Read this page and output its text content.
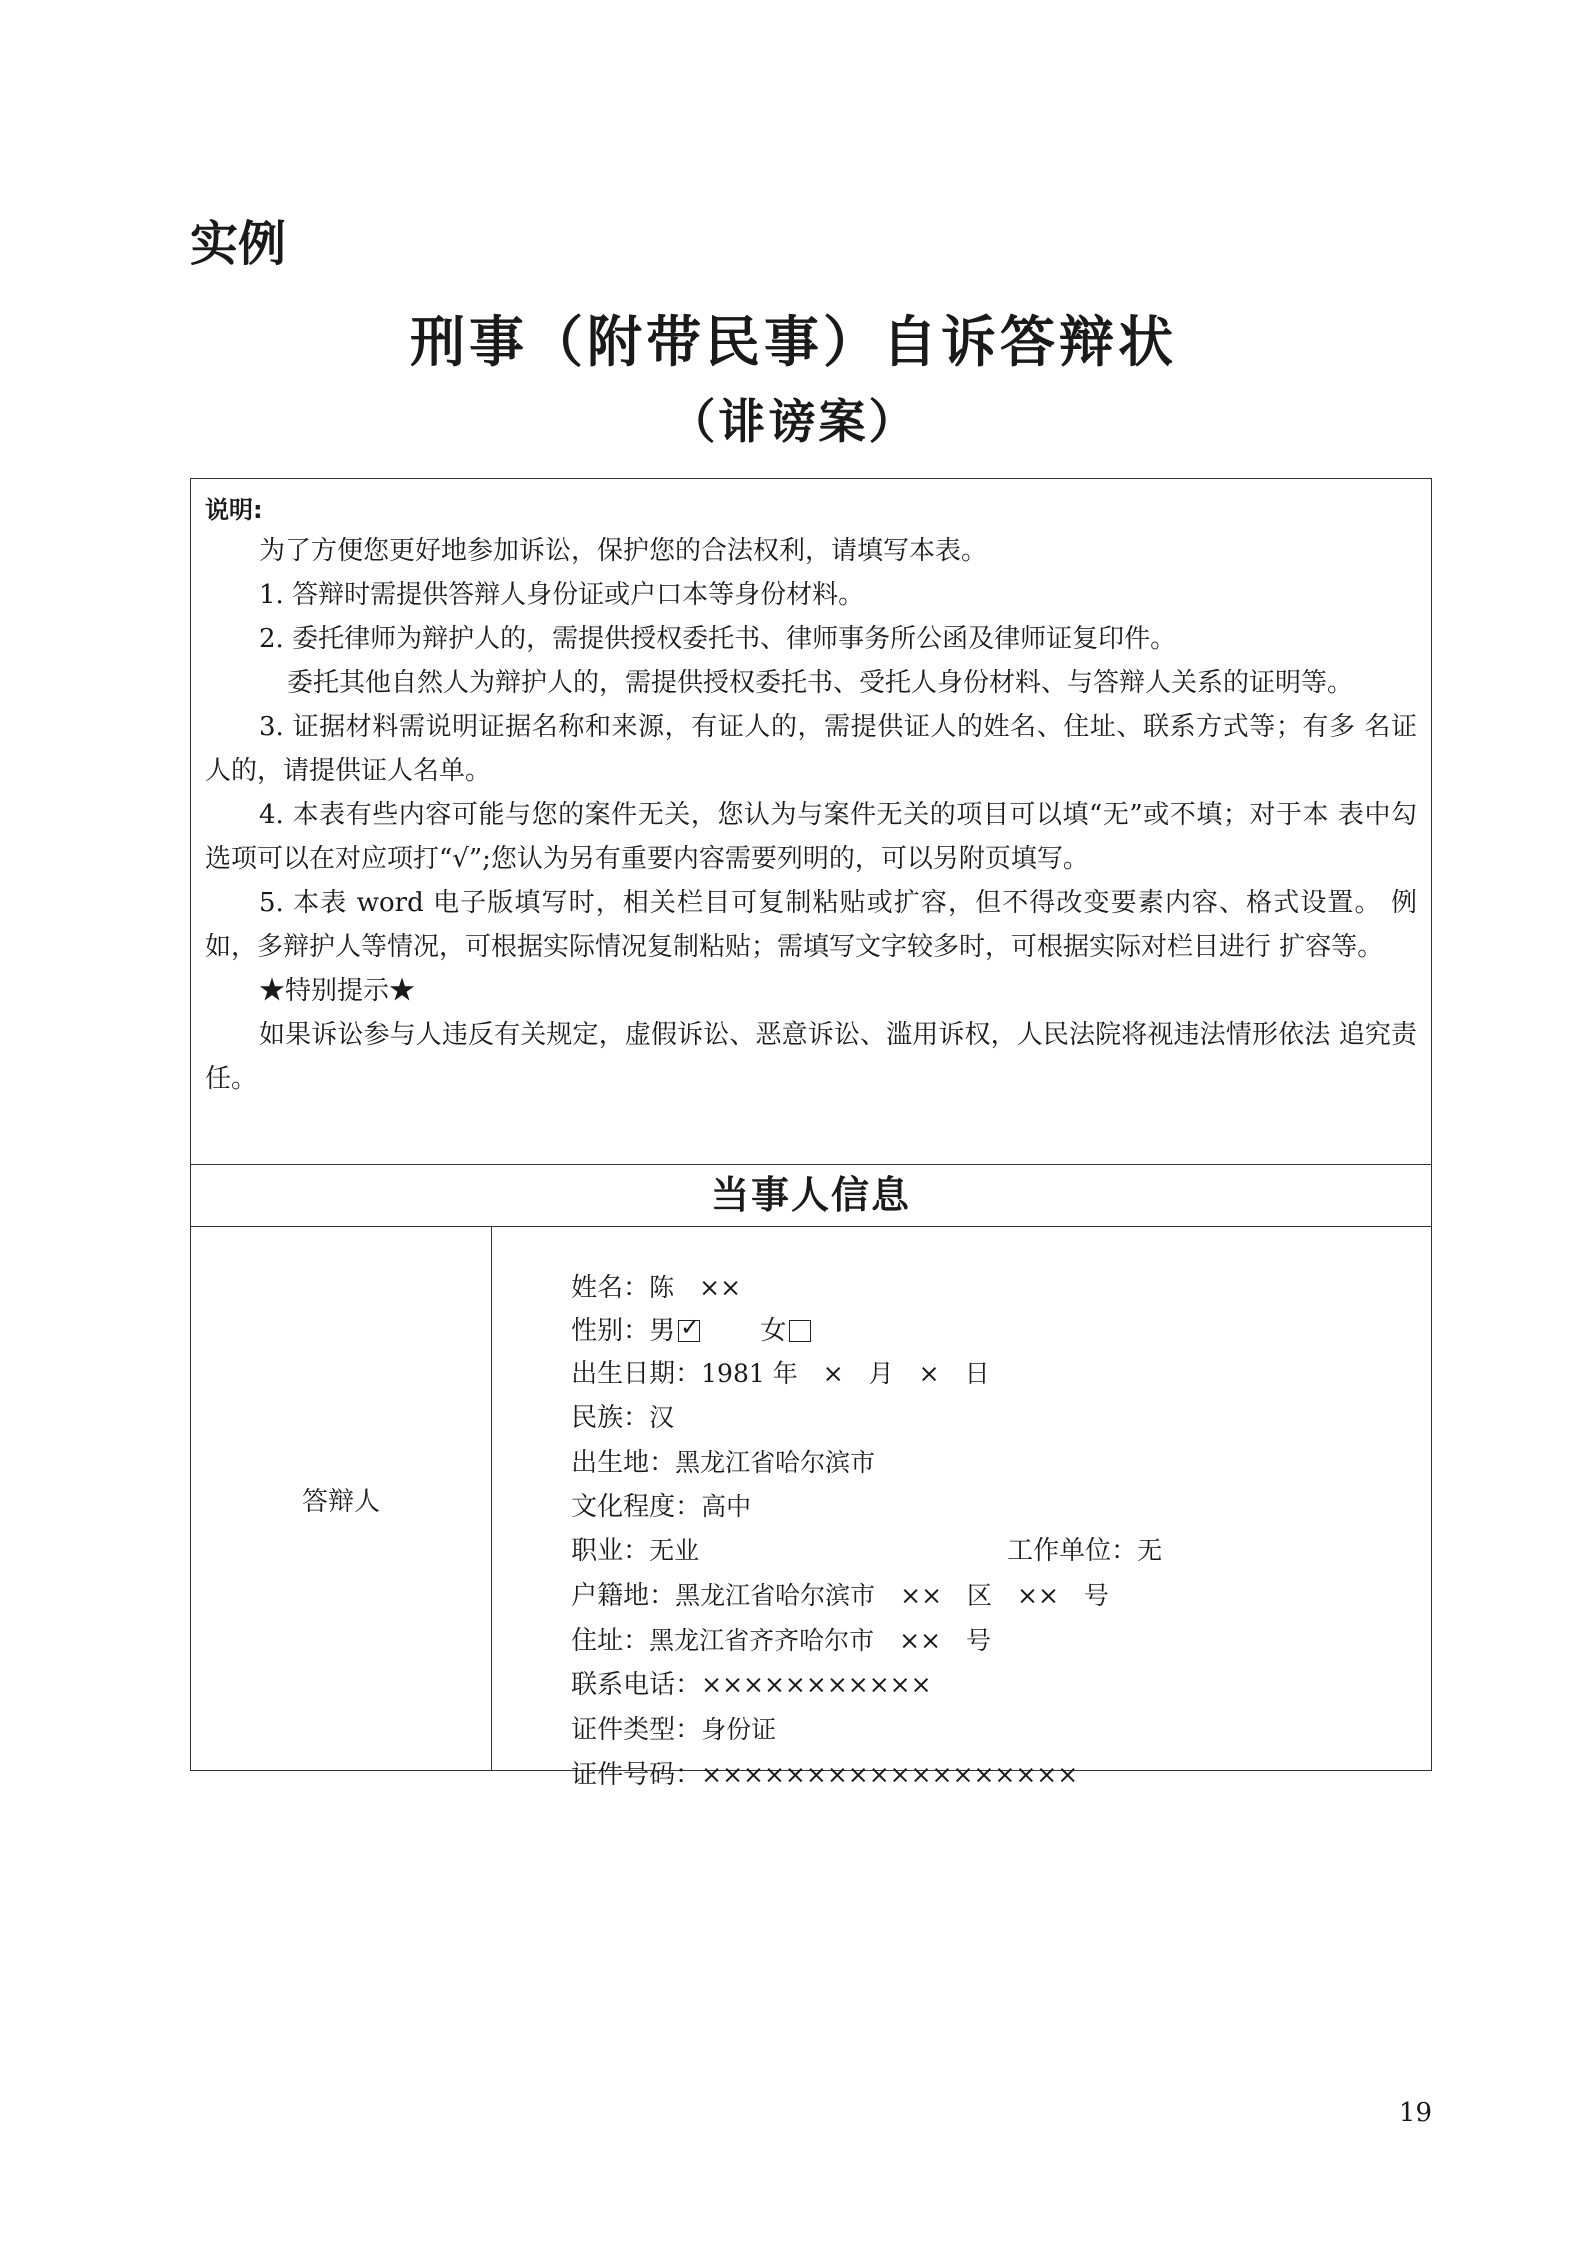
实例
刑事（附带民事）自诉答辩状
（诽谤案）
说明:

为了方便您更好地参加诉讼，保护您的合法权利，请填写本表。

1. 答辩时需提供答辩人身份证或户口本等身份材料。

2. 委托律师为辩护人的，需提供授权委托书、律师事务所公函及律师证复印件。

委托其他自然人为辩护人的，需提供授权委托书、受托人身份材料、与答辩人关系的证明等。

3. 证据材料需说明证据名称和来源，有证人的，需提供证人的姓名、住址、联系方式等；有多 名证人的，请提供证人名单。

4. 本表有些内容可能与您的案件无关，您认为与案件无关的项目可以填“无”或不填；对于本 表中勾选项可以在对应项打“√”;您认为另有重要内容需要列明的，可以另附页填写。

5. 本表 word 电子版填写时，相关栏目可复制粘贴或扩容，但不得改变要素内容、格式设置。 例如，多辩护人等情况，可根据实际情况复制粘贴；需填写文字较多时，可根据实际对栏目进行 扩容等。

★特别提示★

如果诉讼参与人违反有关规定，虚假诉讼、恶意诉讼、滥用诉权，人民法院将视违法情形依法 追究责任。

当事人信息
答辩人

姓名：陈　××

性别：男 ✓
　　 女

出生日期：1981 年　×　月　×　日

民族：汉

出生地：黑龙江省哈尔滨市

文化程度：高中

职业：无业
	工作单位：无

户籍地：黑龙江省哈尔滨市　××　区　××　号

住址：黑龙江省齐齐哈尔市　××　号

联系电话：×××××××××××

证件类型：身份证

证件号码：××××××××××××××××××

19
